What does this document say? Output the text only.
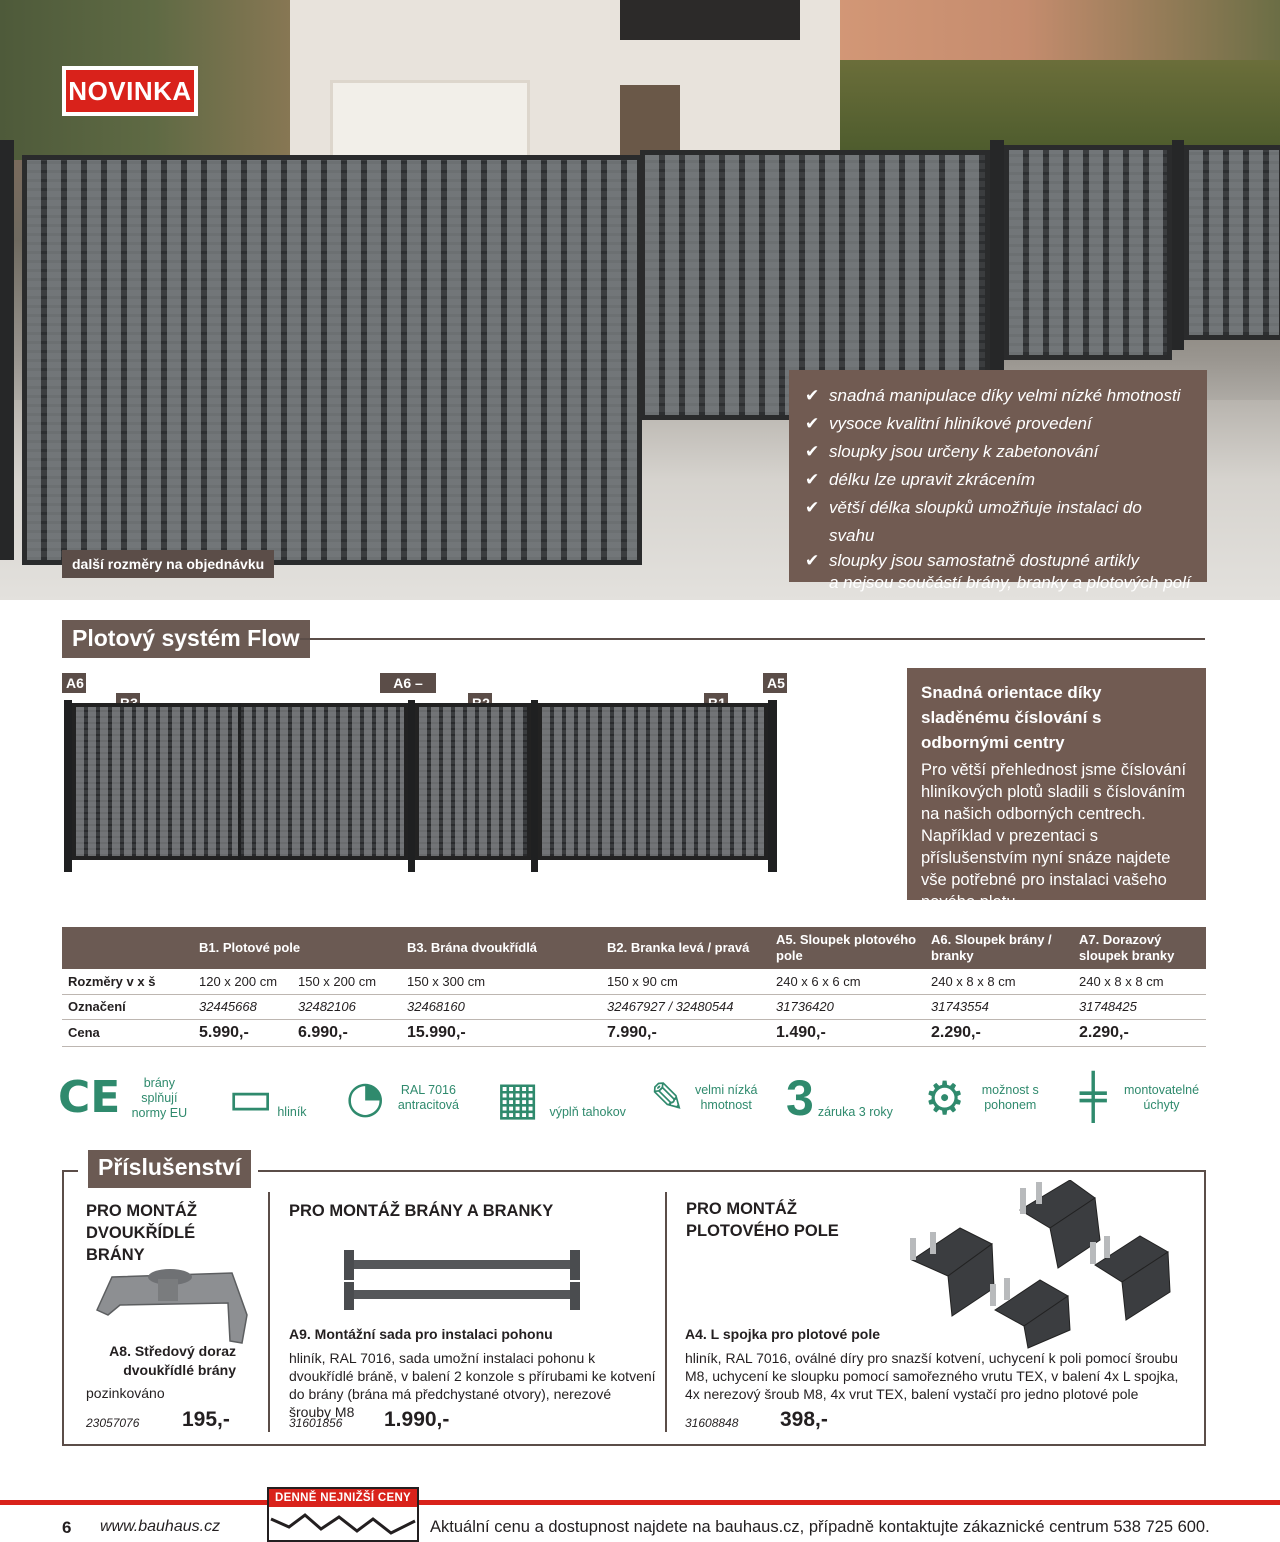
NOVINKA
další rozměry na objednávku
✔ snadná manipulace díky velmi nízké hmotnosti
✔ vysoce kvalitní hliníkové provedení
✔ sloupky jsou určeny k zabetonování
✔ délku lze upravit zkrácením
✔ větší délka sloupků umožňuje instalaci do svahu
✔ sloupky jsou samostatně dostupné artikly
a nejsou součástí brány, branky a plotových polí
Plotový systém Flow
A6	A6 –	A5	Snadná orientace díky sladěnému číslování s odbornými centry

Pro větší přehlednost jsme číslování hliníkových plotů sladili s číslováním na našich odborných centrech. Například v prezentaci s příslušenstvím nyní snáze najdete vše potřebné pro instalaci vašeho nového plotu.

	B1. Plotové pole		B3. Brána dvoukřídlá	B2. Branka levá / pravá	A5. Sloupek plotového pole	A6. Sloupek brány / branky	A7. Dorazový sloupek branky
Rozměry v x š	120 x 200 cm	150 x 200 cm	150 x 300 cm	150 x 90 cm	240 x 6 x 6 cm	240 x 8 x 8 cm	240 x 8 x 8 cm
Označení	32445668	32482106	32468160	32467927 / 32480544	31736420	31743554	31748425
Cena	5.990,-	6.990,-	15.990,-	7.990,-	1.490,-	2.290,-	2.290,-
CE	brány splňují normy EU ▭ hliník ◔	RAL 7016 antracitová ▦ výplň tahokov ✎ velmi nízká hmotnost 3 záruka 3 roky ⚙	možnost s pohonem ╪	montovatelné úchyty
Příslušenství
PRO MONTÁŽ DVOUKŘÍDLÉ BRÁNY
A8. Středový doraz dvoukřídlé brány
pozinkováno
23057076 195,-
PRO MONTÁŽ BRÁNY A BRANKY
A9. Montážní sada pro instalaci pohonu
hliník, RAL 7016, sada umožní instalaci pohonu k dvoukřídlé bráně, v balení 2 konzole s přírubami ke kotvení do brány (brána má předchystané otvory), nerezové šrouby M8
31601856 1.990,-
PRO MONTÁŽ PLOTOVÉHO POLE
A4. L spojka pro plotové pole
hliník, RAL 7016, oválné díry pro snazší kotvení, uchycení k poli pomocí šroubu M8, uchycení ke sloupku pomocí samořezného vrutu TEX, v balení 4x L spojka, 4x nerezový šroub M8, 4x vrut TEX, balení vystačí pro jedno plotové pole
31608848 398,-
6 www.bauhaus.cz
DENNĚ NEJNIŽŠÍ CENY
Aktuální cenu a dostupnost najdete na bauhaus.cz, případně kontaktujte zákaznické centrum 538 725 600.
